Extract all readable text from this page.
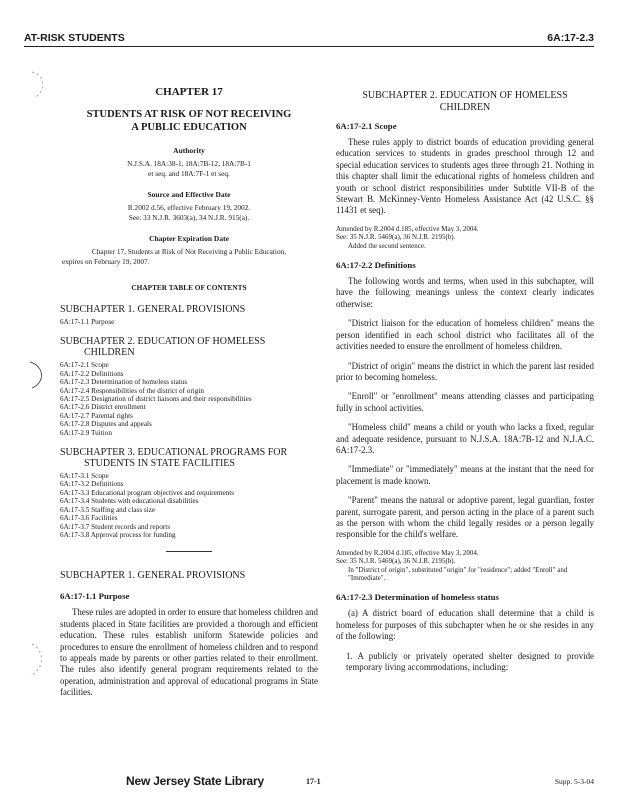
AT-RISK STUDENTS	6A:17-2.3
CHAPTER 17
STUDENTS AT RISK OF NOT RECEIVING
A PUBLIC EDUCATION
Authority
N.J.S.A. 18A:38-1, 18A:7B-12, 18A:7B-1
et seq. and 18A:7F-1 et seq.
Source and Effective Date
R.2002 d.56, effective February 19, 2002.
See: 33 N.J.R. 3603(a), 34 N.J.R. 915(a).
Chapter Expiration Date
Chapter 17, Students at Risk of Not Receiving a Public Education,
expires on February 19, 2007.
CHAPTER TABLE OF CONTENTS
SUBCHAPTER 1. GENERAL PROVISIONS
6A:17-1.1 Purpose
SUBCHAPTER 2. EDUCATION OF HOMELESS
CHILDREN
6A:17-2.1 Scope
6A:17-2.2 Definitions
6A:17-2.3 Determination of homeless status
6A:17-2.4 Responsibilities of the district of origin
6A:17-2.5 Designation of district liaisons and their responsibilities
6A:17-2.6 District enrollment
6A:17-2.7 Parental rights
6A:17-2.8 Disputes and appeals
6A:17-2.9 Tuition
SUBCHAPTER 3. EDUCATIONAL PROGRAMS FOR
STUDENTS IN STATE FACILITIES
6A:17-3.1 Scope
6A:17-3.2 Definitions
6A:17-3.3 Educational program objectives and requirements
6A:17-3.4 Students with educational disabilities
6A:17-3.5 Staffing and class size
6A:17-3.6 Facilities
6A:17-3.7 Student records and reports
6A:17-3.8 Approval process for funding
SUBCHAPTER 1. GENERAL PROVISIONS
6A:17-1.1 Purpose

These rules are adopted in order to ensure that homeless children and students placed in State facilities are provided a thorough and efficient education. These rules establish uniform Statewide policies and procedures to ensure the enrollment of homeless children and to respond to appeals made by parents or other parties related to their enrollment. The rules also identify general program requirements related to the operation, administration and approval of educational programs in State facilities.

SUBCHAPTER 2. EDUCATION OF HOMELESS
CHILDREN
6A:17-2.1 Scope

These rules apply to district boards of education providing general education services to students in grades preschool through 12 and special education services to students ages three through 21. Nothing in this chapter shall limit the educational rights of homeless children and youth or school district responsibilities under Subtitle VII-B of the Stewart B. McKinney-Vento Homeless Assistance Act (42 U.S.C. §§ 11431 et seq).

Amended by R.2004 d.185, effective May 3, 2004.
See: 35 N.J.R. 5469(a), 36 N.J.R. 2195(b).
Added the second sentence.
6A:17-2.2 Definitions

The following words and terms, when used in this subchapter, will have the following meanings unless the context clearly indicates otherwise:

"District liaison for the education of homeless children" means the person identified in each school district who facilitates all of the activities needed to ensure the enrollment of homeless children.

"District of origin" means the district in which the parent last resided prior to becoming homeless.

"Enroll" or "enrollment" means attending classes and participating fully in school activities.

"Homeless child" means a child or youth who lacks a fixed, regular and adequate residence, pursuant to N.J.S.A. 18A:7B-12 and N.J.A.C. 6A:17-2.3.

"Immediate" or "immediately" means at the instant that the need for placement is made known.

"Parent" means the natural or adoptive parent, legal guardian, foster parent, surrogate parent, and person acting in the place of a parent such as the person with whom the child legally resides or a person legally responsible for the child's welfare.

Amended by R.2004 d.185, effective May 3, 2004.
See: 35 N.J.R. 5469(a), 36 N.J.R. 2195(b).
In "District of origin", substituted "origin" for "residence"; added "Enroll" and "Immediate".
6A:17-2.3 Determination of homeless status

(a) A district board of education shall determine that a child is homeless for purposes of this subchapter when he or she resides in any of the following:

1. A publicly or privately operated shelter designed to provide temporary living accommodations, including:

New Jersey State Library	17-1	Supp. 5-3-04
